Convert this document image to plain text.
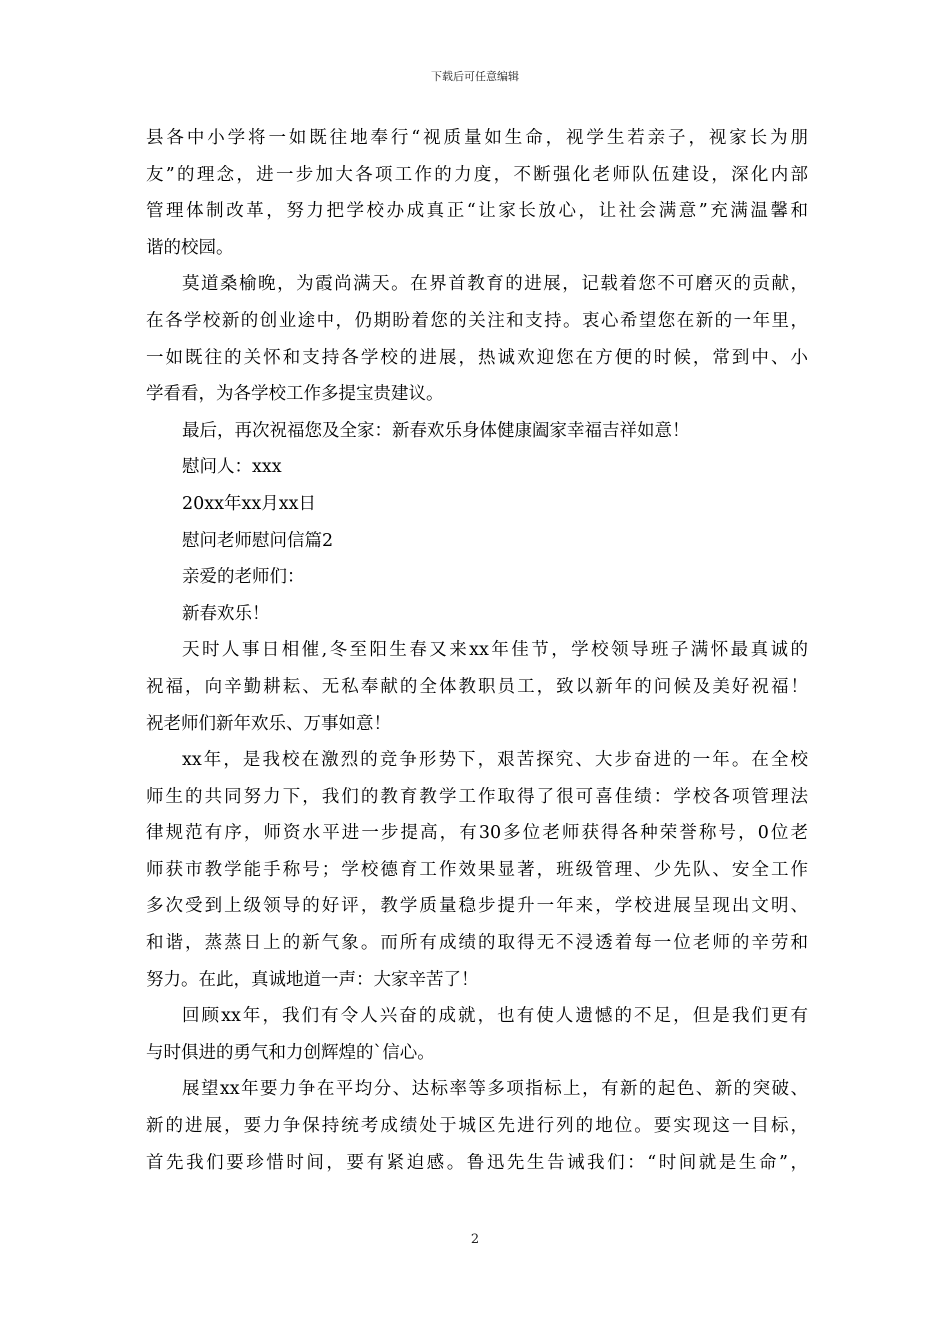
下载后可任意编辑
县各中小学将一如既往地奉行“视质量如生命，视学生若亲子，视家长为朋
友”的理念，进一步加大各项工作的力度，不断强化老师队伍建设，深化内部
管理体制改革，努力把学校办成真正“让家长放心，让社会满意”充满温馨和
谐的校园。
莫道桑榆晚，为霞尚满天。在界首教育的进展，记载着您不可磨灭的贡献，
在各学校新的创业途中，仍期盼着您的关注和支持。衷心希望您在新的一年里，
一如既往的关怀和支持各学校的进展，热诚欢迎您在方便的时候，常到中、小
学看看，为各学校工作多提宝贵建议。
最后，再次祝福您及全家：新春欢乐身体健康阖家幸福吉祥如意！
慰问人：xxx
20xx年xx月xx日
慰问老师慰问信篇2
亲爱的老师们：
新春欢乐！
天时人事日相催,冬至阳生春又来xx年佳节，学校领导班子满怀最真诚的
祝福，向辛勤耕耘、无私奉献的全体教职员工，致以新年的问候及美好祝福！
祝老师们新年欢乐、万事如意！
xx年，是我校在激烈的竞争形势下，艰苦探究、大步奋进的一年。在全校
师生的共同努力下，我们的教育教学工作取得了很可喜佳绩：学校各项管理法
律规范有序，师资水平进一步提高，有30多位老师获得各种荣誉称号，0位老
师获市教学能手称号；学校德育工作效果显著，班级管理、少先队、安全工作
多次受到上级领导的好评，教学质量稳步提升一年来，学校进展呈现出文明、
和谐，蒸蒸日上的新气象。而所有成绩的取得无不浸透着每一位老师的辛劳和
努力。在此，真诚地道一声：大家辛苦了！
回顾xx年，我们有令人兴奋的成就，也有使人遗憾的不足，但是我们更有
与时俱进的勇气和力创辉煌的`信心。
展望xx年要力争在平均分、达标率等多项指标上，有新的起色、新的突破、
新的进展，要力争保持统考成绩处于城区先进行列的地位。要实现这一目标，
首先我们要珍惜时间，要有紧迫感。鲁迅先生告诫我们：“时间就是生命”，
2
